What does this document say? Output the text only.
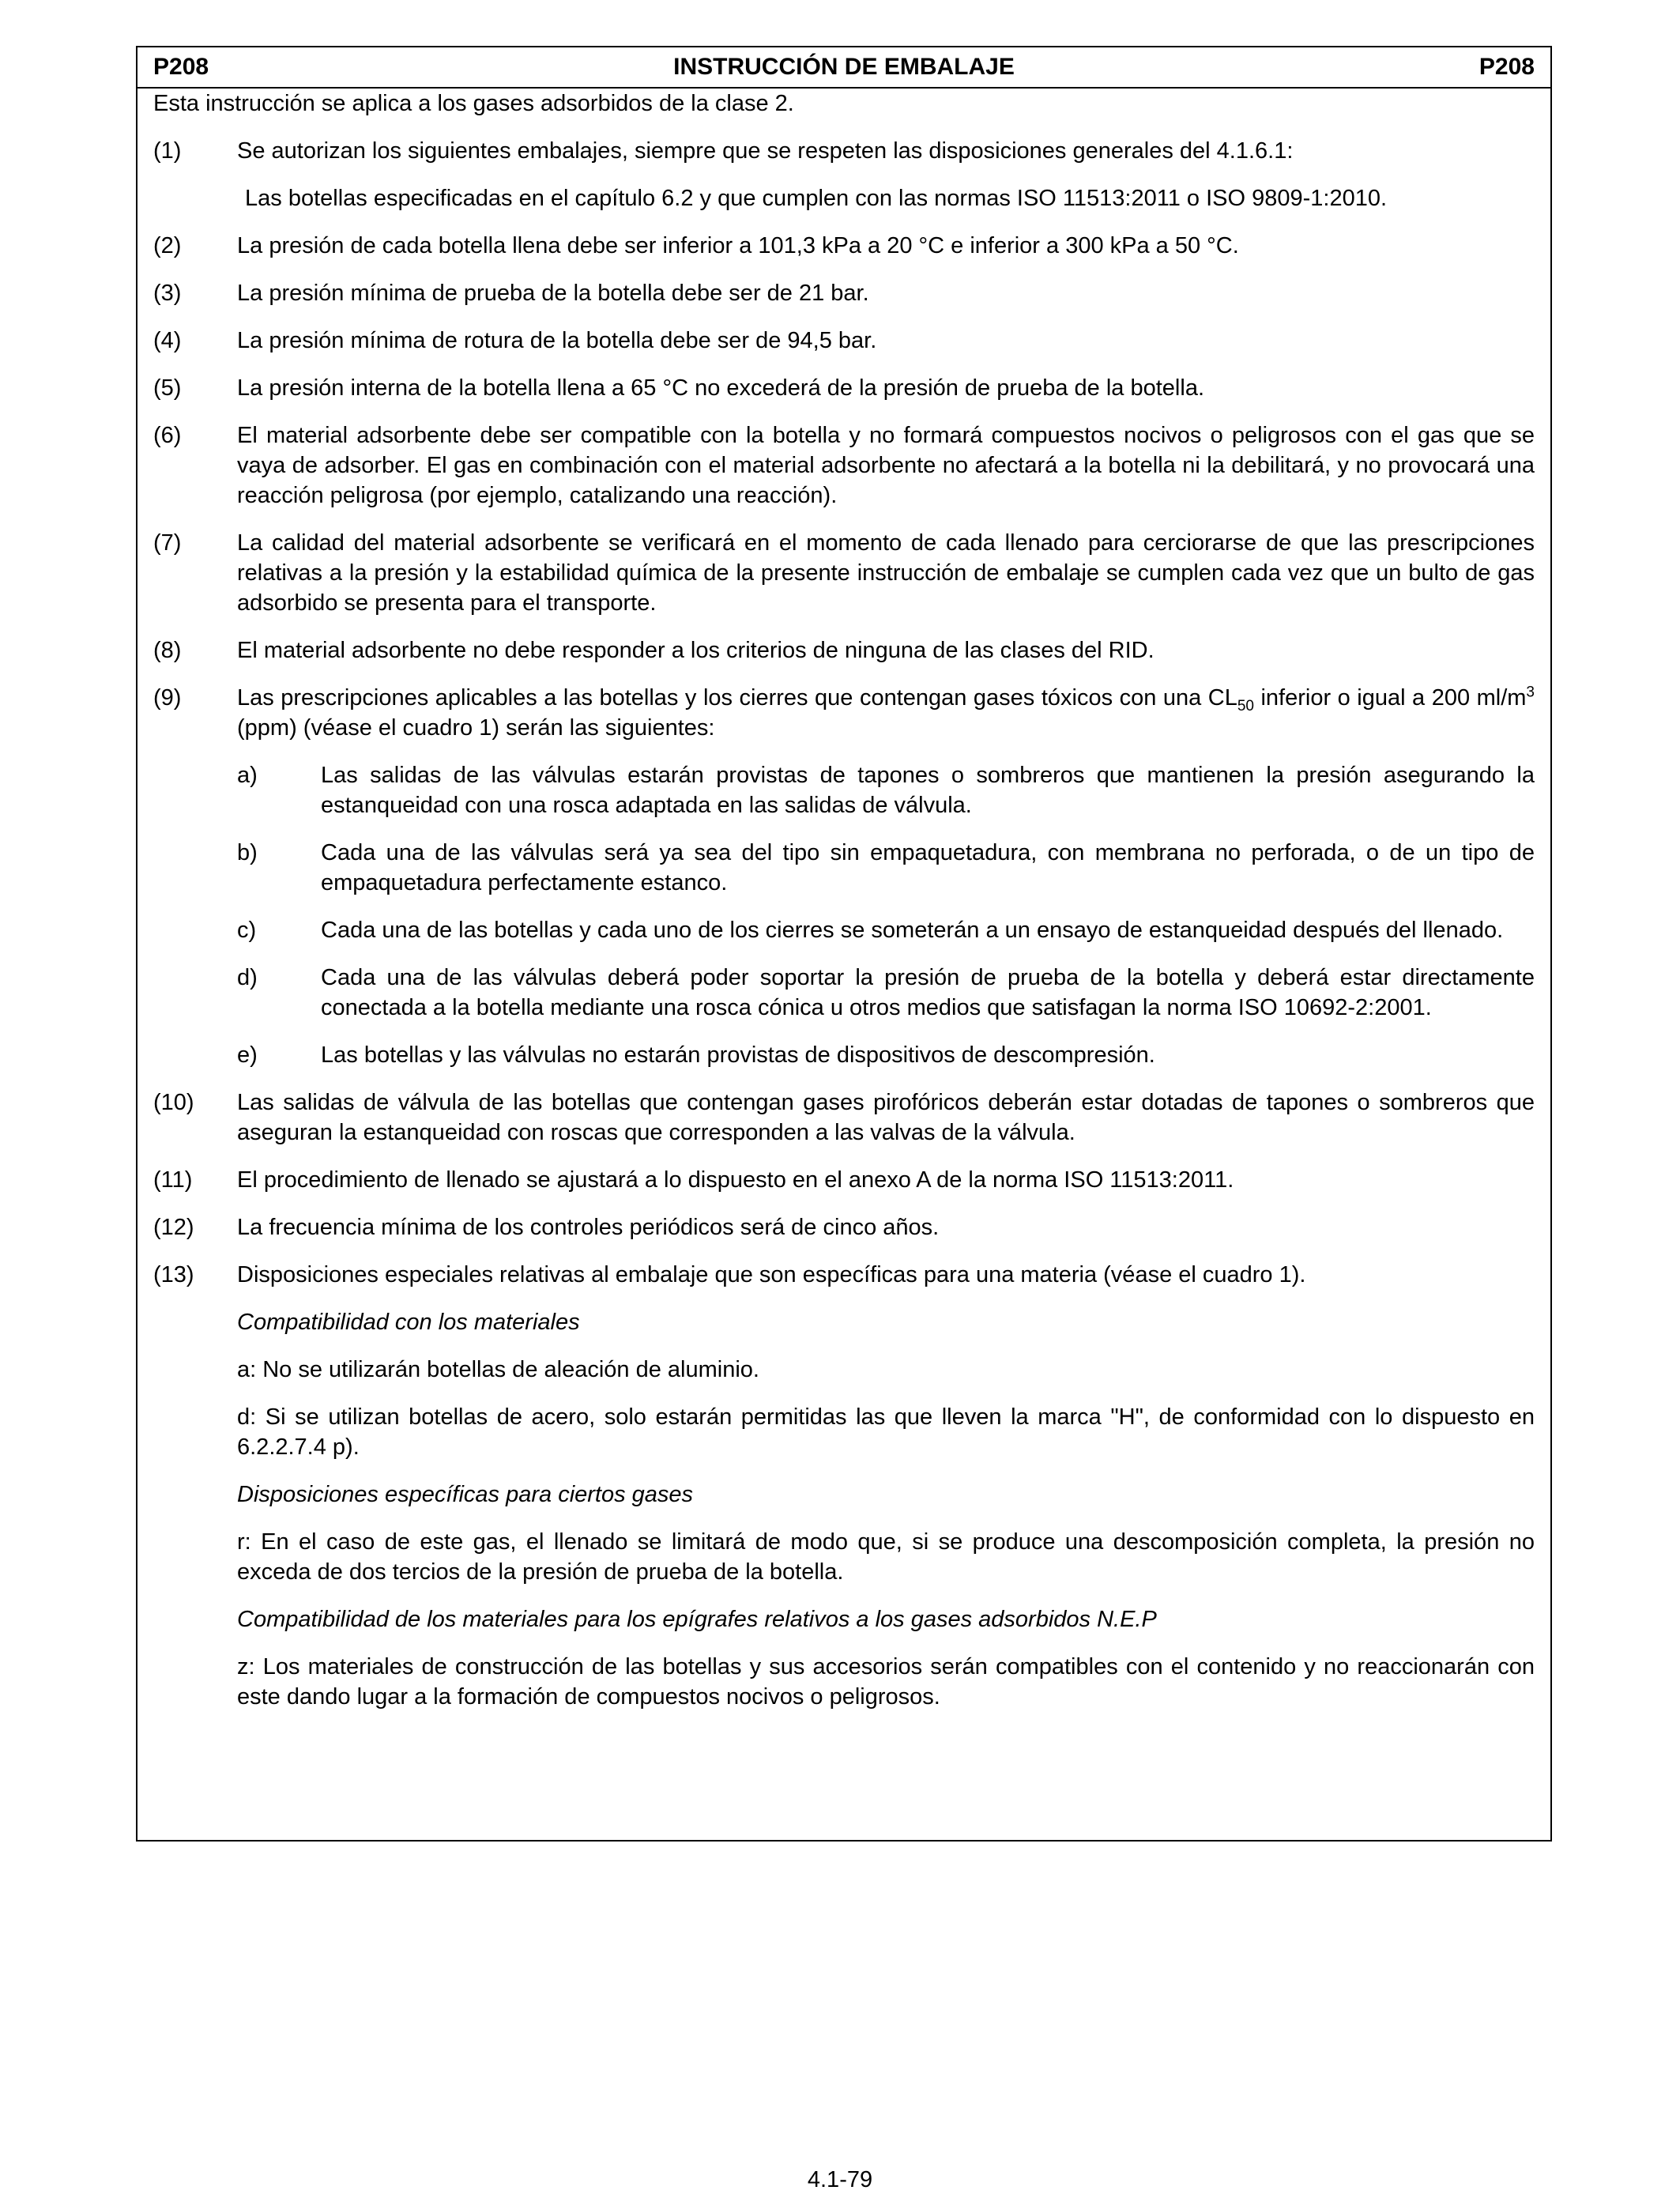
P208	INSTRUCCIÓN DE EMBALAJE	P208

Esta instrucción se aplica a los gases adsorbidos de la clase 2.

(1)	Se autorizan los siguientes embalajes, siempre que se respeten las disposiciones generales del 4.1.6.1:
Las botellas especificadas en el capítulo 6.2 y que cumplen con las normas ISO 11513:2011 o ISO 9809-1:2010.
(2)	La presión de cada botella llena debe ser inferior a 101,3 kPa a 20 °C e inferior a 300 kPa a 50 °C.
(3)	La presión mínima de prueba de la botella debe ser de 21 bar.
(4)	La presión mínima de rotura de la botella debe ser de 94,5 bar.
(5)	La presión interna de la botella llena a 65 °C no excederá de la presión de prueba de la botella.
(6)	El material adsorbente debe ser compatible con la botella y no formará compuestos nocivos o peligrosos con el gas que se vaya de adsorber. El gas en combinación con el material adsorbente no afectará a la botella ni la debilitará, y no provocará una reacción peligrosa (por ejemplo, catalizando una reacción).
(7)	La calidad del material adsorbente se verificará en el momento de cada llenado para cerciorarse de que las prescripciones relativas a la presión y la estabilidad química de la presente instrucción de embalaje se cumplen cada vez que un bulto de gas adsorbido se presenta para el transporte.
(8)	El material adsorbente no debe responder a los criterios de ninguna de las clases del RID.
(9)	Las prescripciones aplicables a las botellas y los cierres que contengan gases tóxicos con una $CL_{50}$ inferior o igual a 200 $ml/m^3$ (ppm) (véase el cuadro 1) serán las siguientes:
a)	Las salidas de las válvulas estarán provistas de tapones o sombreros que mantienen la presión asegurando la estanqueidad con una rosca adaptada en las salidas de válvula.
b)	Cada una de las válvulas será ya sea del tipo sin empaquetadura, con membrana no perforada, o de un tipo de empaquetadura perfectamente estanco.
c)	Cada una de las botellas y cada uno de los cierres se someterán a un ensayo de estanqueidad después del llenado.
d)	Cada una de las válvulas deberá poder soportar la presión de prueba de la botella y deberá estar directamente conectada a la botella mediante una rosca cónica u otros medios que satisfagan la norma ISO 10692-2:2001.
e)	Las botellas y las válvulas no estarán provistas de dispositivos de descompresión.
(10)	Las salidas de válvula de las botellas que contengan gases pirofóricos deberán estar dotadas de tapones o sombreros que aseguran la estanqueidad con roscas que corresponden a las valvas de la válvula.
(11)	El procedimiento de llenado se ajustará a lo dispuesto en el anexo A de la norma ISO 11513:2011.
(12)	La frecuencia mínima de los controles periódicos será de cinco años.
(13)	Disposiciones especiales relativas al embalaje que son específicas para una materia (véase el cuadro 1).
Compatibilidad con los materiales
a: No se utilizarán botellas de aleación de aluminio.
d: Si se utilizan botellas de acero, solo estarán permitidas las que lleven la marca "H", de conformidad con lo dispuesto en 6.2.2.7.4 p).
Disposiciones específicas para ciertos gases
r: En el caso de este gas, el llenado se limitará de modo que, si se produce una descomposición completa, la presión no exceda de dos tercios de la presión de prueba de la botella.
Compatibilidad de los materiales para los epígrafes relativos a los gases adsorbidos N.E.P
z: Los materiales de construcción de las botellas y sus accesorios serán compatibles con el contenido y no reaccionarán con este dando lugar a la formación de compuestos nocivos o peligrosos.
4.1-79
